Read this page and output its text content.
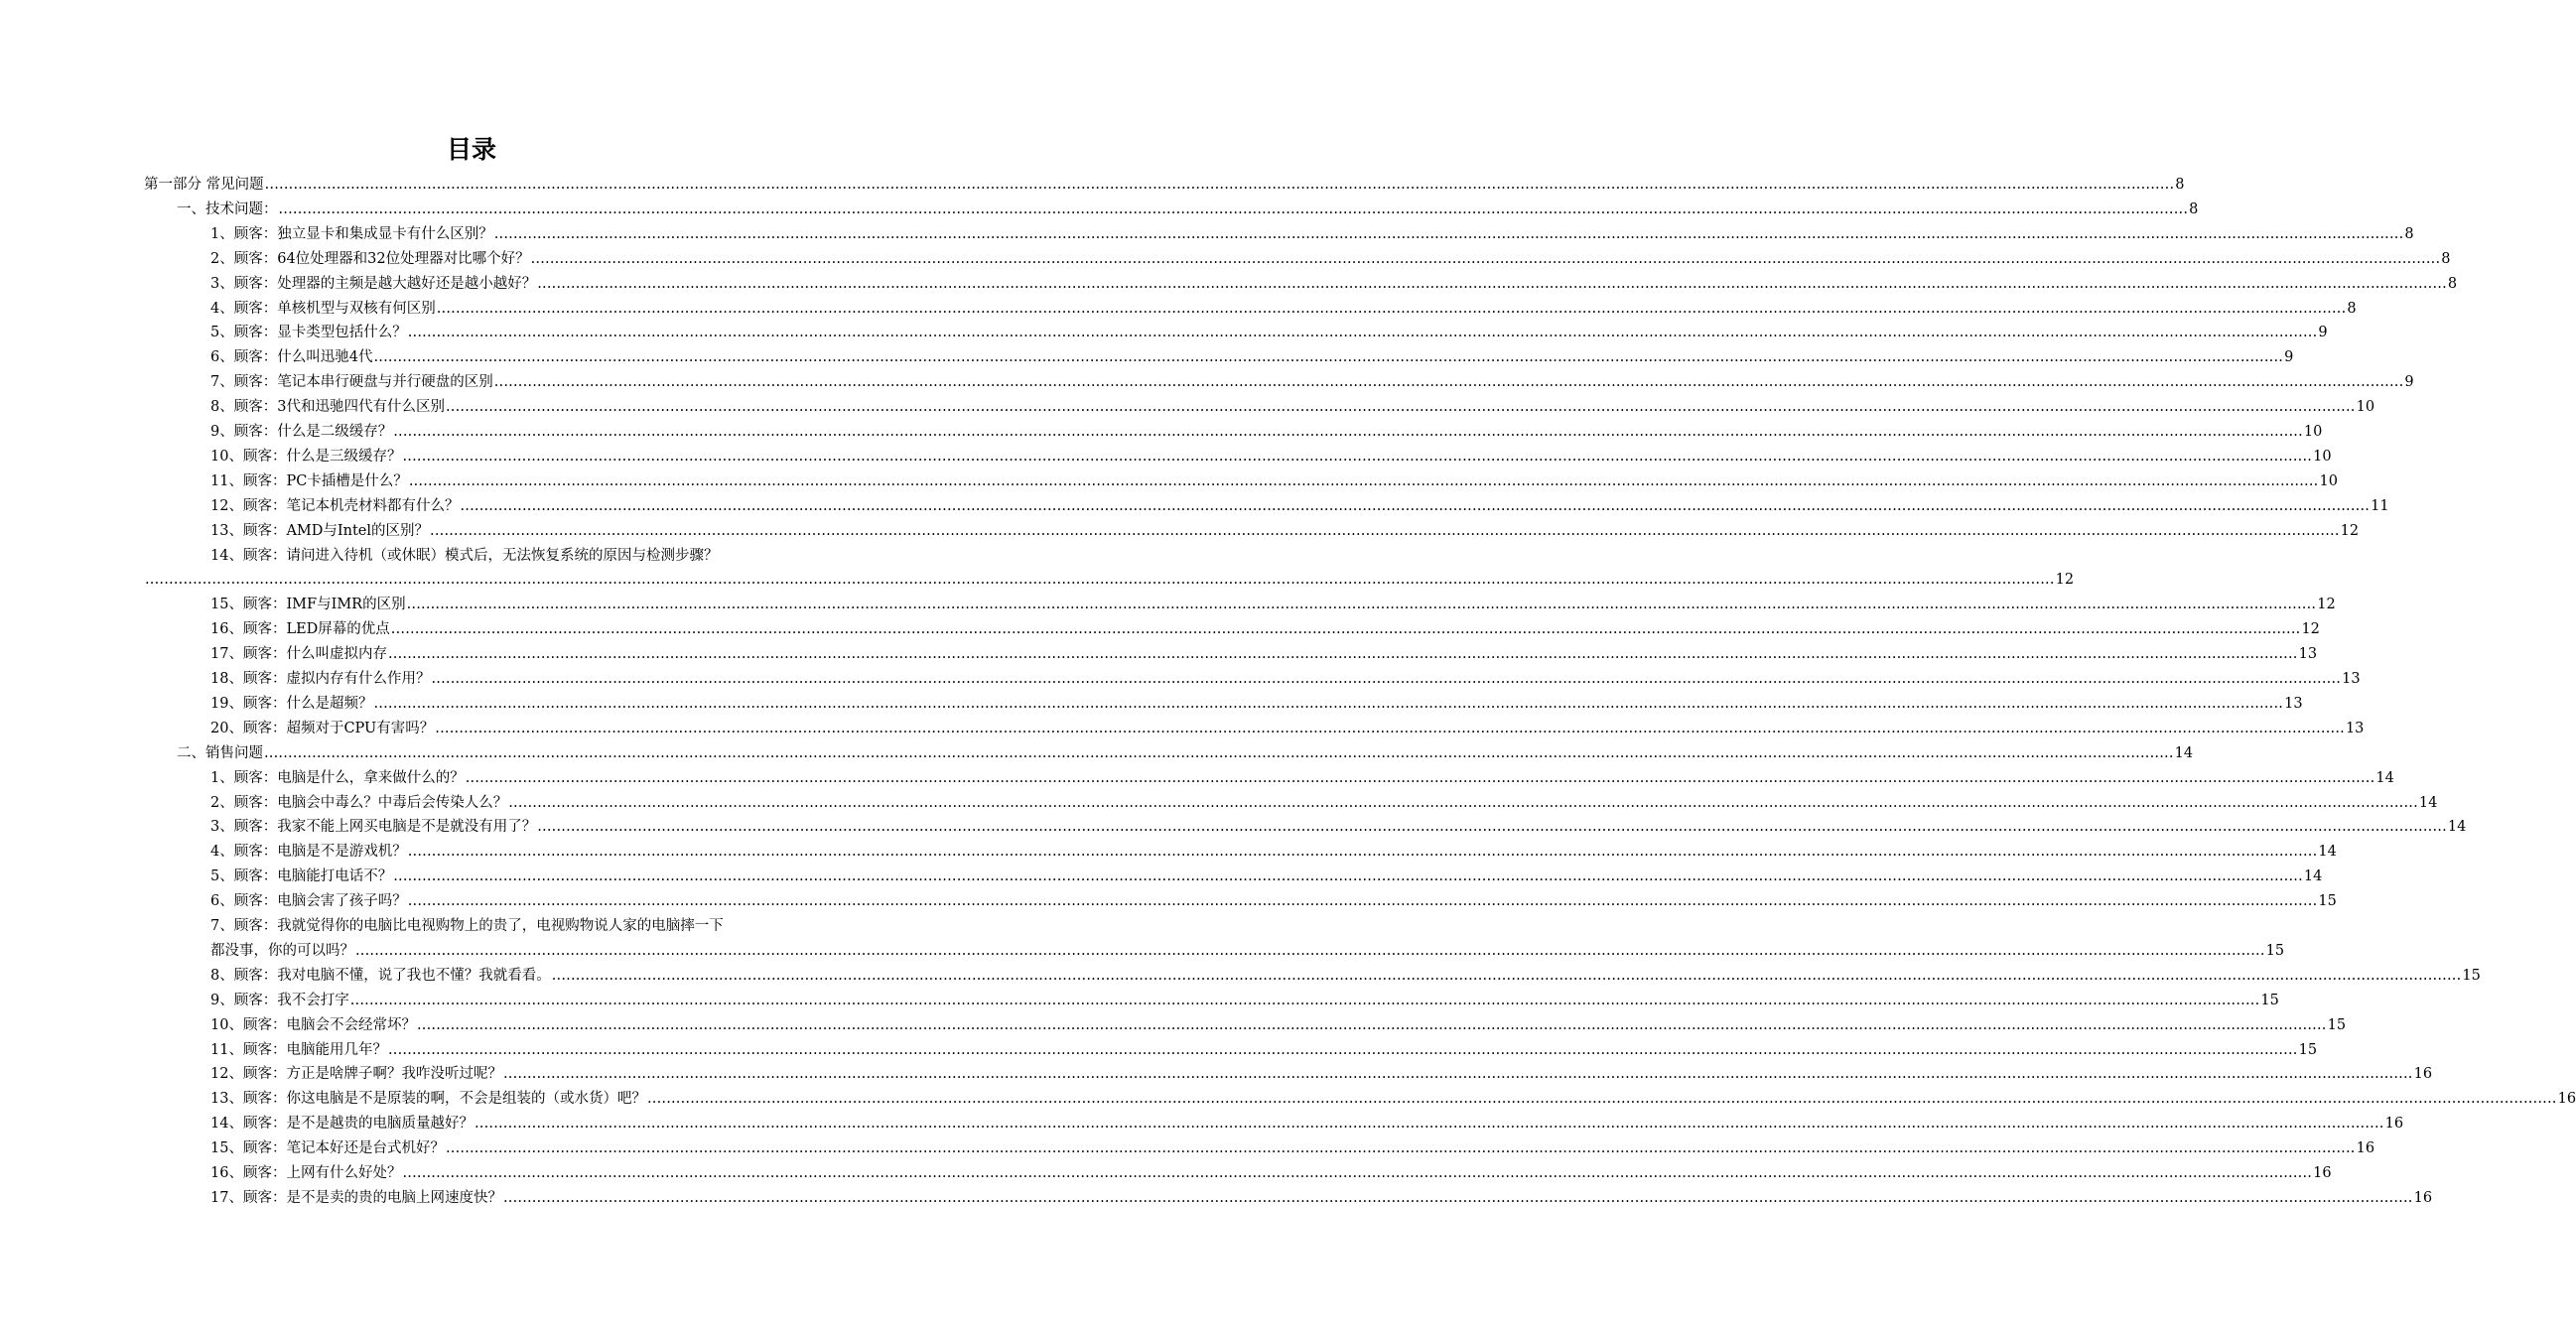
目录
第一部分 常见问题 ................................................................................................................................................................................................................................................................................................................................................................................................................ 8
一、技术问题： ................................................................................................................................................................................................................................................................................................................................................................................................................ 8
1、顾客：独立显卡和集成显卡有什么区别？ ................................................................................................................................................................................................................................................................................................................................................................................................................ 8
2、顾客：64位处理器和32位处理器对比哪个好？ ................................................................................................................................................................................................................................................................................................................................................................................................................ 8
3、顾客：处理器的主频是越大越好还是越小越好？ ................................................................................................................................................................................................................................................................................................................................................................................................................ 8
4、顾客：单核机型与双核有何区别 ................................................................................................................................................................................................................................................................................................................................................................................................................ 8
5、顾客：显卡类型包括什么？ ................................................................................................................................................................................................................................................................................................................................................................................................................ 9
6、顾客：什么叫迅驰4代 ................................................................................................................................................................................................................................................................................................................................................................................................................ 9
7、顾客：笔记本串行硬盘与并行硬盘的区别 ................................................................................................................................................................................................................................................................................................................................................................................................................ 9
8、顾客：3代和迅驰四代有什么区别 ................................................................................................................................................................................................................................................................................................................................................................................................................ 10
9、顾客：什么是二级缓存？ ................................................................................................................................................................................................................................................................................................................................................................................................................ 10
10、顾客：什么是三级缓存？ ................................................................................................................................................................................................................................................................................................................................................................................................................ 10
11、顾客：PC卡插槽是什么？ ................................................................................................................................................................................................................................................................................................................................................................................................................ 10
12、顾客：笔记本机壳材料都有什么？ ................................................................................................................................................................................................................................................................................................................................................................................................................ 11
13、顾客：AMD与Intel的区别？ ................................................................................................................................................................................................................................................................................................................................................................................................................ 12
14、顾客：请问进入待机（或休眠）模式后，无法恢复系统的原因与检测步骤？
................................................................................................................................................................................................................................................................................................................................................................................................................ 12
15、顾客：IMF与IMR的区别 ................................................................................................................................................................................................................................................................................................................................................................................................................ 12
16、顾客：LED屏幕的优点 ................................................................................................................................................................................................................................................................................................................................................................................................................ 12
17、顾客：什么叫虚拟内存 ................................................................................................................................................................................................................................................................................................................................................................................................................ 13
18、顾客：虚拟内存有什么作用？ ................................................................................................................................................................................................................................................................................................................................................................................................................ 13
19、顾客：什么是超频？ ................................................................................................................................................................................................................................................................................................................................................................................................................ 13
20、顾客：超频对于CPU有害吗？ ................................................................................................................................................................................................................................................................................................................................................................................................................ 13
二、销售问题 ................................................................................................................................................................................................................................................................................................................................................................................................................ 14
1、顾客：电脑是什么，拿来做什么的？ ................................................................................................................................................................................................................................................................................................................................................................................................................ 14
2、顾客：电脑会中毒么？中毒后会传染人么？ ................................................................................................................................................................................................................................................................................................................................................................................................................ 14
3、顾客：我家不能上网买电脑是不是就没有用了？ ................................................................................................................................................................................................................................................................................................................................................................................................................ 14
4、顾客：电脑是不是游戏机？ ................................................................................................................................................................................................................................................................................................................................................................................................................ 14
5、顾客：电脑能打电话不？ ................................................................................................................................................................................................................................................................................................................................................................................................................ 14
6、顾客：电脑会害了孩子吗？ ................................................................................................................................................................................................................................................................................................................................................................................................................ 15
7、顾客：我就觉得你的电脑比电视购物上的贵了，电视购物说人家的电脑摔一下
都没事，你的可以吗？ ................................................................................................................................................................................................................................................................................................................................................................................................................ 15
8、顾客：我对电脑不懂，说了我也不懂？我就看看。 ................................................................................................................................................................................................................................................................................................................................................................................................................ 15
9、顾客：我不会打字 ................................................................................................................................................................................................................................................................................................................................................................................................................ 15
10、顾客：电脑会不会经常坏？ ................................................................................................................................................................................................................................................................................................................................................................................................................ 15
11、顾客：电脑能用几年？ ................................................................................................................................................................................................................................................................................................................................................................................................................ 15
12、顾客：方正是啥牌子啊？我咋没听过呢？ ................................................................................................................................................................................................................................................................................................................................................................................................................ 16
13、顾客：你这电脑是不是原装的啊，不会是组装的（或水货）吧？ ................................................................................................................................................................................................................................................................................................................................................................................................................ 16
14、顾客：是不是越贵的电脑质量越好？ ................................................................................................................................................................................................................................................................................................................................................................................................................ 16
15、顾客：笔记本好还是台式机好？ ................................................................................................................................................................................................................................................................................................................................................................................................................ 16
16、顾客：上网有什么好处？ ................................................................................................................................................................................................................................................................................................................................................................................................................ 16
17、顾客：是不是卖的贵的电脑上网速度快？ ................................................................................................................................................................................................................................................................................................................................................................................................................ 16
